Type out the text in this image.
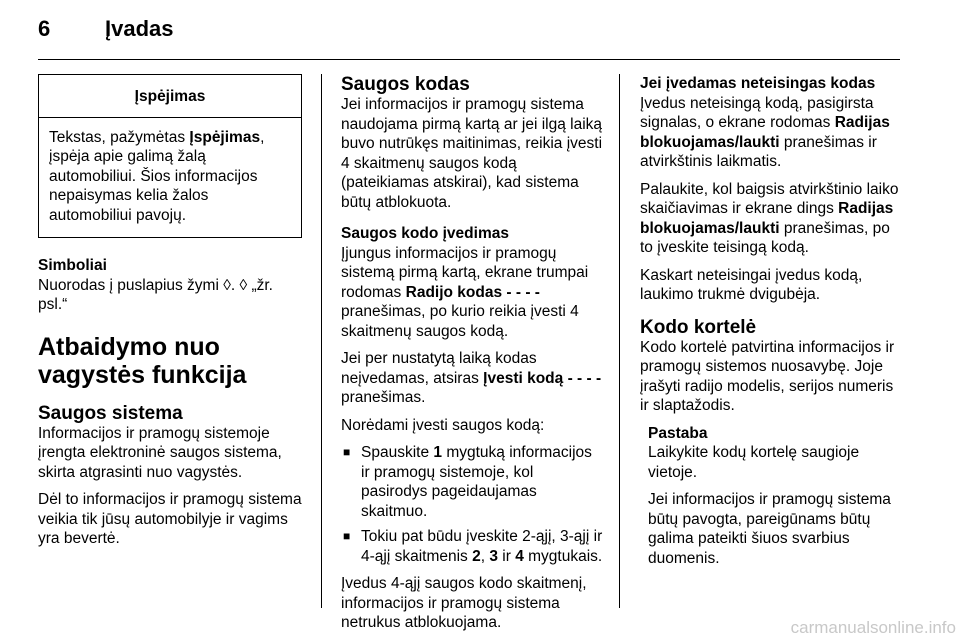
6 Įvadas
Įspėjimas
Tekstas, pažymėtas Įspėjimas, įspėja apie galimą žalą automobiliui. Šios informacijos nepaisymas kelia žalos automobiliui pavojų.
Simboliai

Nuorodas į puslapius žymi ◊. ◊ „žr. psl.“

Atbaidymo nuo vagystės funkcija
Saugos sistema

Informacijos ir pramogų sistemoje įrengta elektroninė saugos sistema, skirta atgrasinti nuo vagystės.

Dėl to informacijos ir pramogų sistema veikia tik jūsų automobilyje ir vagims yra bevertė.

Saugos kodas

Jei informacijos ir pramogų sistema naudojama pirmą kartą ar jei ilgą laiką buvo nutrūkęs maitinimas, reikia įvesti 4 skaitmenų saugos kodą (pateikiamas atskirai), kad sistema būtų atblokuota.

Saugos kodo įvedimas

Įjungus informacijos ir pramogų sistemą pirmą kartą, ekrane trumpai rodomas Radijo kodas - - - - pranešimas, po kurio reikia įvesti 4 skaitmenų saugos kodą.

Jei per nustatytą laiką kodas neįvedamas, atsiras Įvesti kodą - - - - pranešimas.

Norėdami įvesti saugos kodą:

■ Spauskite 1 mygtuką informacijos ir pramogų sistemoje, kol pasirodys pageidaujamas skaitmuo.
■ Tokiu pat būdu įveskite 2-ąjį, 3-ąjį ir 4-ąjį skaitmenis 2, 3 ir 4 mygtukais.

Įvedus 4-ąjį saugos kodo skaitmenį, informacijos ir pramogų sistema netrukus atblokuojama.

Jei įvedamas neteisingas kodas

Įvedus neteisingą kodą, pasigirsta signalas, o ekrane rodomas Radijas blokuojamas/laukti pranešimas ir atvirkštinis laikmatis.

Palaukite, kol baigsis atvirkštinio laiko skaičiavimas ir ekrane dings Radijas blokuojamas/laukti pranešimas, po to įveskite teisingą kodą.

Kaskart neteisingai įvedus kodą, laukimo trukmė dvigubėja.

Kodo kortelė

Kodo kortelė patvirtina informacijos ir pramogų sistemos nuosavybę. Joje įrašyti radijo modelis, serijos numeris ir slaptažodis.

Pastaba

Laikykite kodų kortelę saugioje vietoje.

Jei informacijos ir pramogų sistema būtų pavogta, pareigūnams būtų galima pateikti šiuos svarbius duomenis.

carmanualsonline.info
